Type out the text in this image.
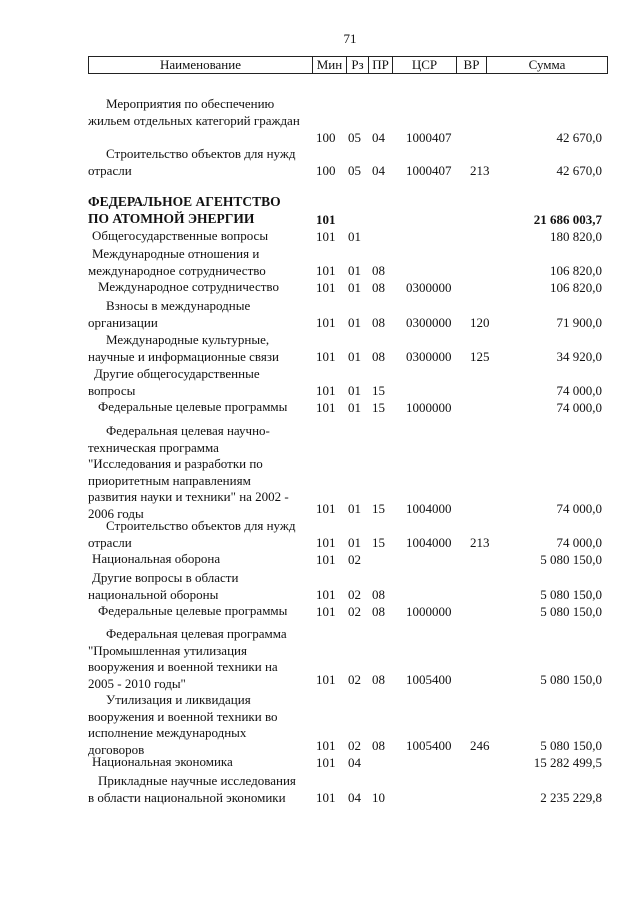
71
Наименование	Мин Рз ПР	ЦСР	ВР	Сумма
Мероприятия по обеспечению жильем отдельных категорий граждан
100 05 04 1000407	42 670,0
Строительство объектов для нужд отрасли	100 05 04 1000407 213	42 670,0
ФЕДЕРАЛЬНОЕ АГЕНТСТВО ПО АТОМНОЙ ЭНЕРГИИ	101	21 686 003,7
Общегосударственные вопросы	101 01	180 820,0
Международные отношения и международное сотрудничество	101 01 08	106 820,0
Международное сотрудничество	101 01 08 0300000	106 820,0
Взносы в международные организации	101 01 08 0300000 120	71 900,0
Международные культурные, научные и информационные связи	101 01 08 0300000 125	34 920,0
Другие общегосударственные вопросы	101 01 15	74 000,0
Федеральные целевые программы	101 01 15 1000000	74 000,0
Федеральная целевая научно-техническая программа "Исследования и разработки по приоритетным направлениям развития науки и техники" на 2002 - 2006 годы	101 01 15 1004000	74 000,0
Строительство объектов для нужд отрасли	101 01 15 1004000 213	74 000,0
Национальная оборона	101 02	5 080 150,0
Другие вопросы в области национальной обороны	101 02 08	5 080 150,0
Федеральные целевые программы	101 02 08 1000000	5 080 150,0
Федеральная целевая программа "Промышленная утилизация вооружения и военной техники на 2005 - 2010 годы"	101 02 08 1005400	5 080 150,0
Утилизация и ликвидация вооружения и военной техники во исполнение международных договоров	101 02 08 1005400 246	5 080 150,0
Национальная экономика	101 04	15 282 499,5
Прикладные научные исследования в области национальной экономики	101 04 10	2 235 229,8
